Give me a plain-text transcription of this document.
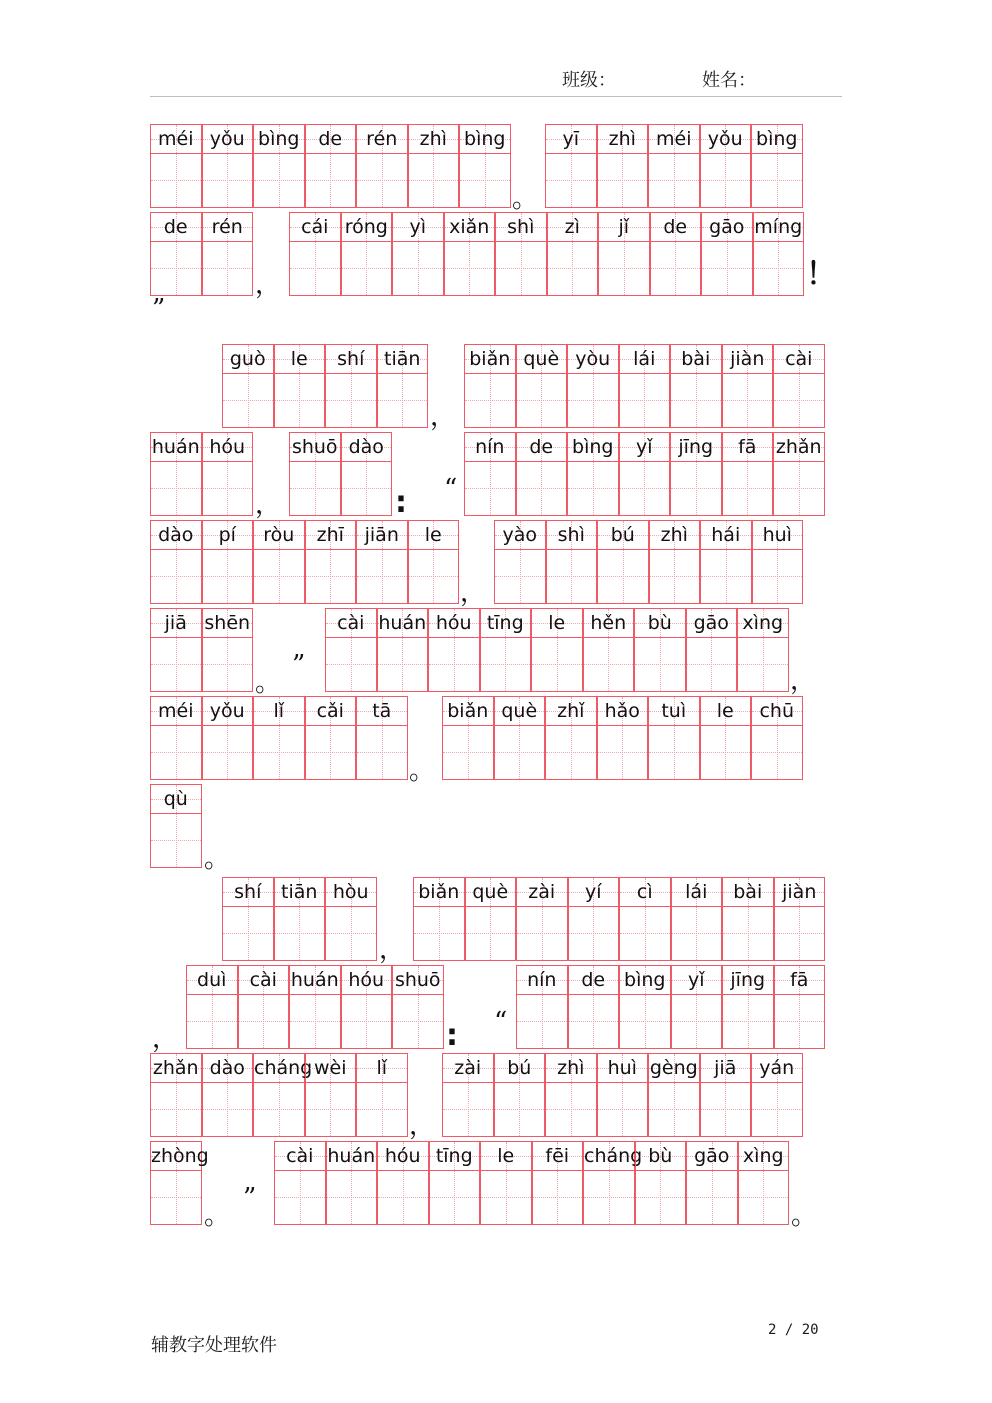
班级：	姓名：
méi yǒu bìng de	rén	zhì bìng	yī	zhì	méi yǒu bìng
。
de	rén	cái róng	yì	xiǎn shì	zì	jǐ	de	gāo míng
，	！
”
guò	le	shí	tiān	biǎn què yòu	lái	bài	jiàn	cài
，
huán hóu	shuō dào	nín	de bìng	yǐ	jīng	fā	zhǎn
，	: “
dào	pí	ròu	zhī	jiān	le	yào	shì	bú	zhì	hái	huì
，
jiā shēn	cài huán hóu tīng	le	hěn	bù	gāo xìng
。
”
，
méi yǒu	lǐ	cǎi	tā	biǎn què	zhǐ	hǎo	tuì	le	chū
。
qù
。
shí	tiān hòu	biǎn què	zài	yí	cì	lái	bài	jiàn
，
duì	cài huán hóu shuō	nín	de bìng	yǐ	jīng	fā
，	: “
zhǎn dào cháng wèi	lǐ	zài	bú	zhì	huì gèng jiā	yán
，
zhòng	cài huán hóu tīng	le	fēi cháng bù	gāo xìng
。
”
。
辅教字处理软件
2 / 20
